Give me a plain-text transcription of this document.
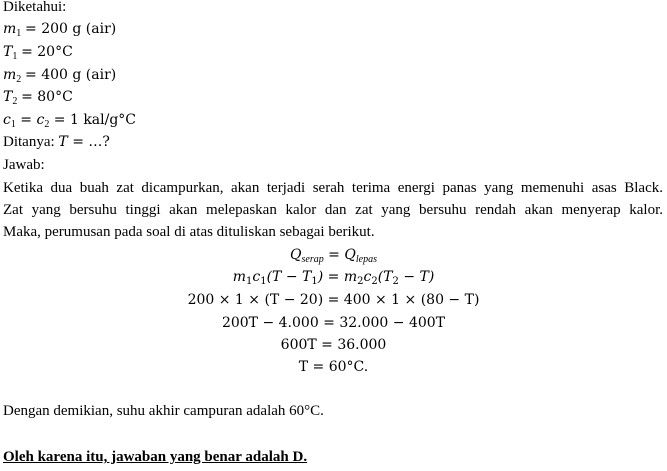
Diketahui:
$m_1 = 200$ g (air)
$T_1 = 20^\circ C$
$m_2 = 400$ g (air)
$T_2 = 80^\circ C$
$c_1 = c_2 = 1$ kal/g°C
Ditanya: T = …?
Jawab:
Ketika dua buah zat dicampurkan, akan terjadi serah terima energi panas yang memenuhi asas Black.
Zat yang bersuhu tinggi akan melepaskan kalor dan zat yang bersuhu rendah akan menyerap kalor.
Maka, perumusan pada soal di atas dituliskan sebagai berikut.
$Q_{serap} = Q_{lepas}$
$m_1c_1(T - T_1) = m_2c_2(T_2 - T)$
200 × 1 × (T − 20) = 400 × 1 × (80 − T)
200T − 4.000 = 32.000 − 400T
600T = 36.000
T = 60°C.
Dengan demikian, suhu akhir campuran adalah 60°C.
Oleh karena itu, jawaban yang benar adalah D.
